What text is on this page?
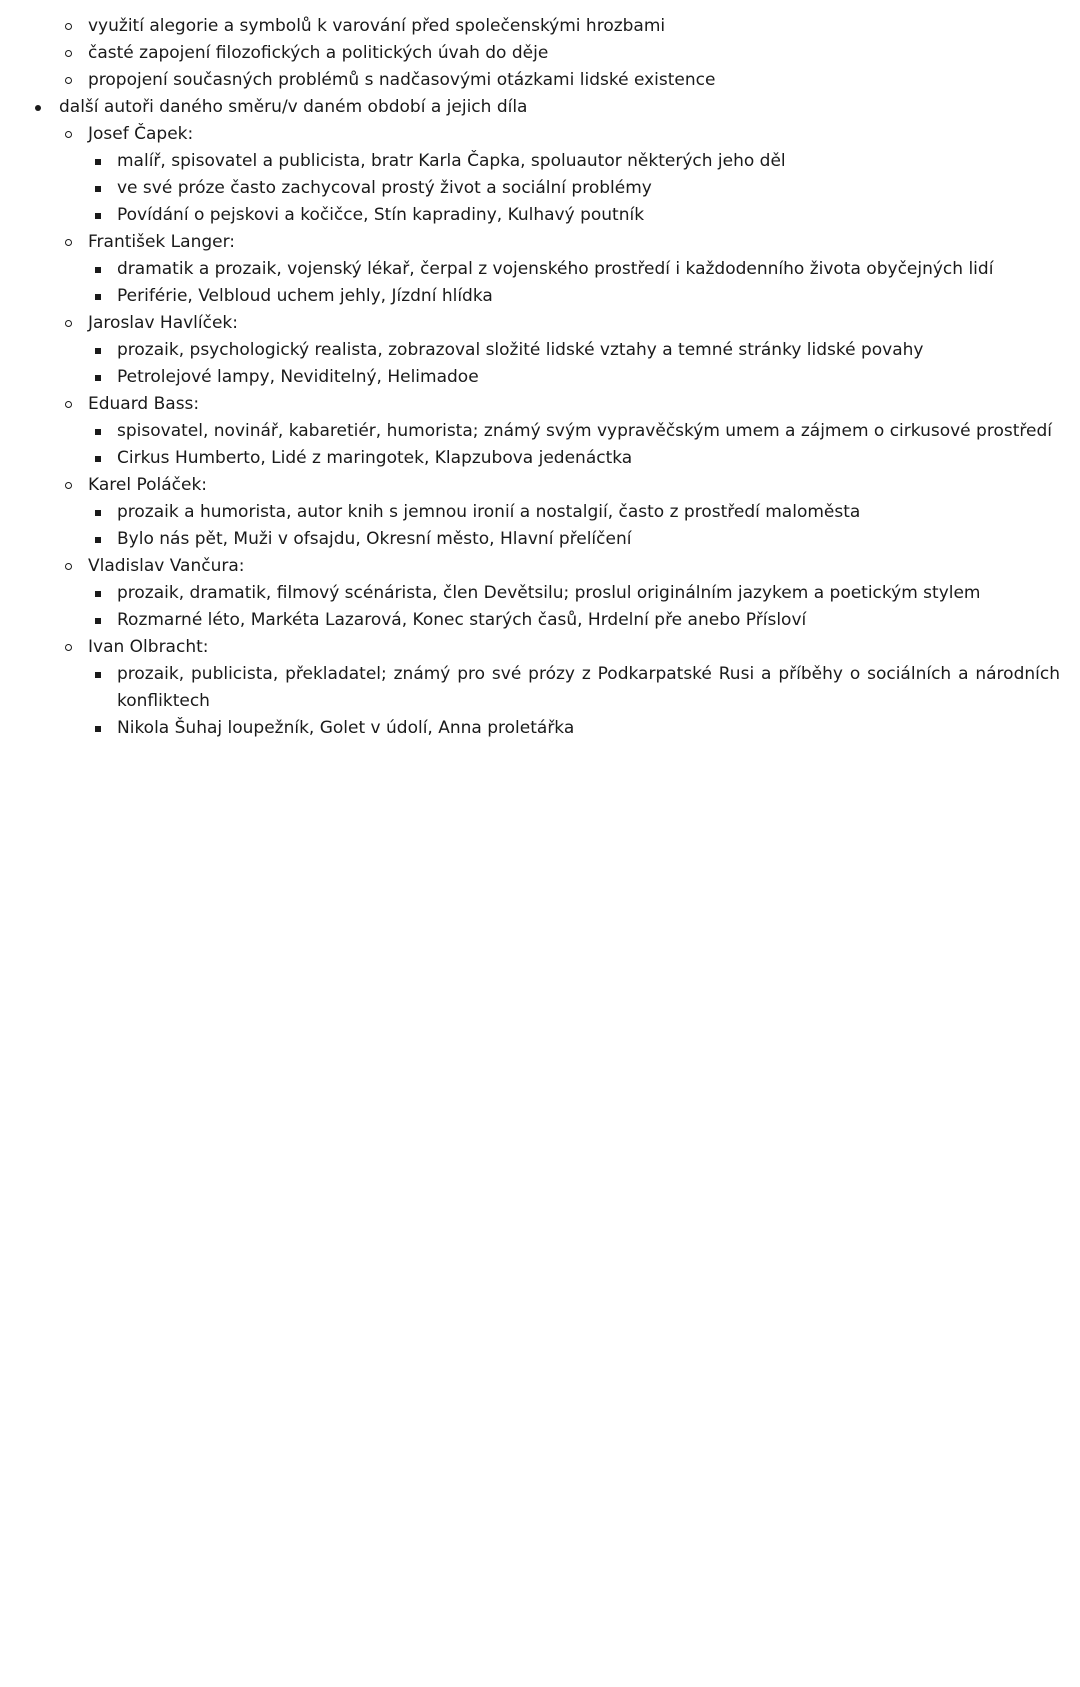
využití alegorie a symbolů k varování před společenskými hrozbami
časté zapojení filozofických a politických úvah do děje
propojení současných problémů s nadčasovými otázkami lidské existence
další autoři daného směru/v daném období a jejich díla
Josef Čapek:
malíř, spisovatel a publicista, bratr Karla Čapka, spoluautor některých jeho děl
ve své próze často zachycoval prostý život a sociální problémy
Povídání o pejskovi a kočičce, Stín kapradiny, Kulhavý poutník
František Langer:
dramatik a prozaik, vojenský lékař, čerpal z vojenského prostředí i každodenního života obyčejných lidí
Periférie, Velbloud uchem jehly, Jízdní hlídka
Jaroslav Havlíček:
prozaik, psychologický realista, zobrazoval složité lidské vztahy a temné stránky lidské povahy
Petrolejové lampy, Neviditelný, Helimadoe
Eduard Bass:
spisovatel, novinář, kabaretiér, humorista; známý svým vypravěčským umem a zájmem o cirkusové prostředí
Cirkus Humberto, Lidé z maringotek, Klapzubova jedenáctka
Karel Poláček:
prozaik a humorista, autor knih s jemnou ironií a nostalgií, často z prostředí maloměsta
Bylo nás pět, Muži v ofsajdu, Okresní město, Hlavní přelíčení
Vladislav Vančura:
prozaik, dramatik, filmový scénárista, člen Devětsilu; proslul originálním jazykem a poetickým stylem
Rozmarné léto, Markéta Lazarová, Konec starých časů, Hrdelní pře anebo Přísloví
Ivan Olbracht:
prozaik, publicista, překladatel; známý pro své prózy z Podkarpatské Rusi a příběhy o sociálních a národních konfliktech
Nikola Šuhaj loupežník, Golet v údolí, Anna proletářka
